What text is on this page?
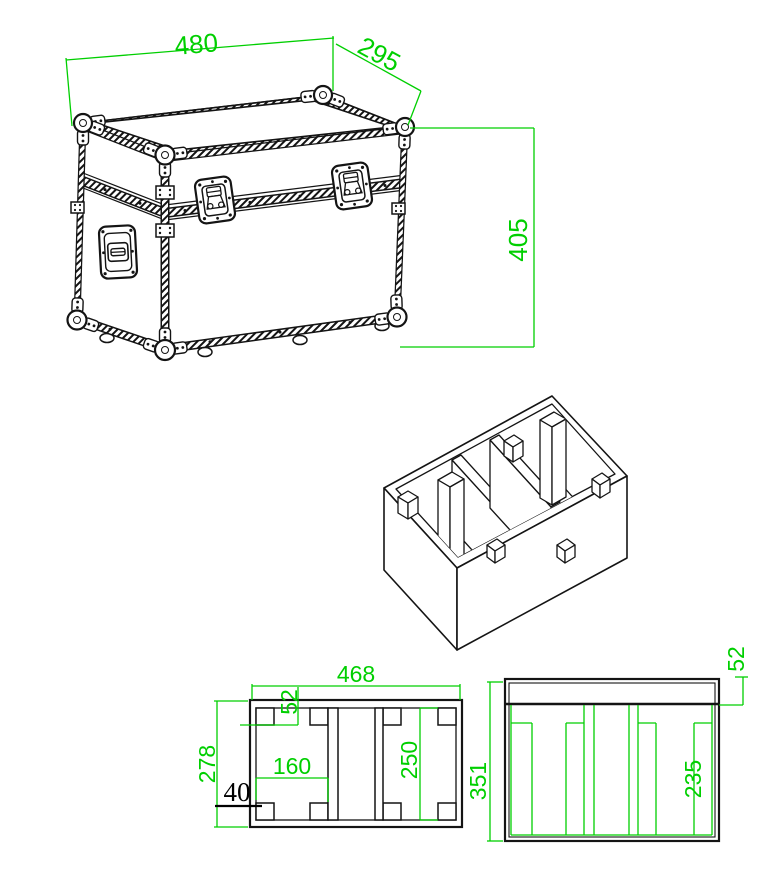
480	295
405
468
52
278 160	250
40	351
52
235
